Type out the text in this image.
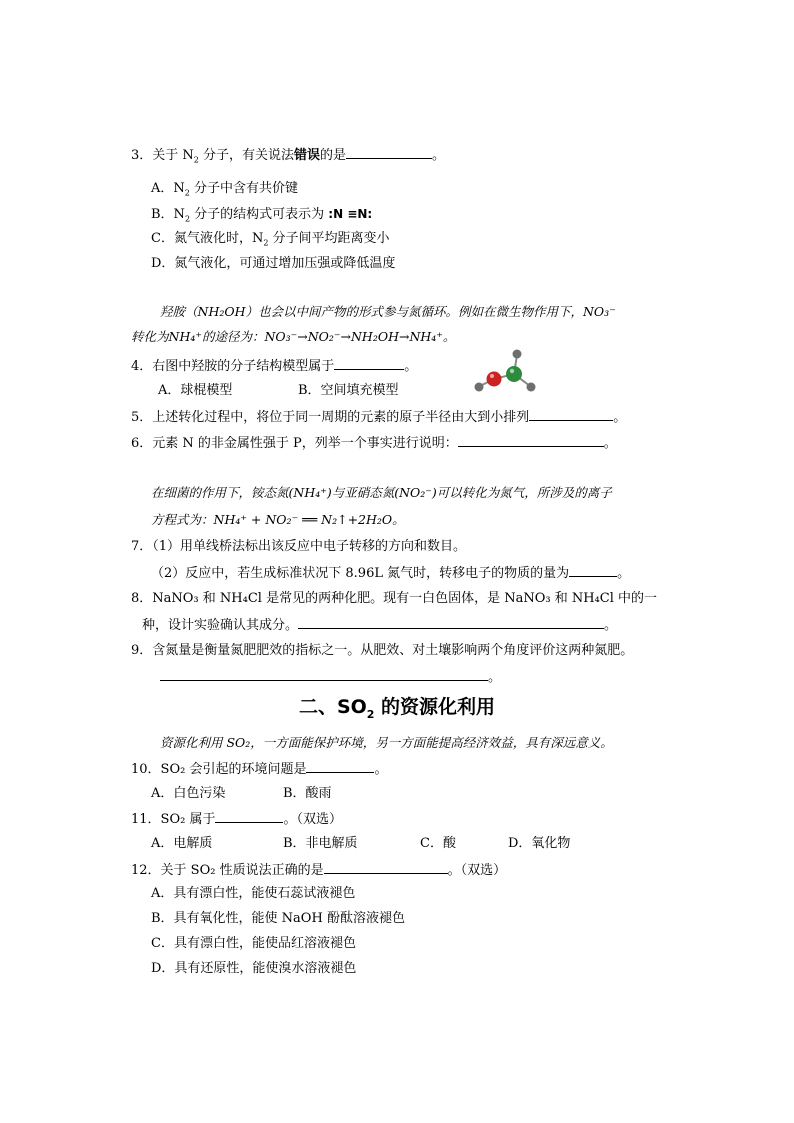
3．关于 $N_2$ 分子，有关说法错误的是	。
A．$N_2$ 分子中含有共价键
B．$N_2$ 分子的结构式可表示为 :N ≡N:
C．氮气液化时，$N_2$ 分子间平均距离变小
D．氮气液化，可通过增加压强或降低温度
羟胺（NH₂OH）也会以中间产物的形式参与氮循环。例如在微生物作用下，NO₃⁻
转化为NH₄⁺的途径为：NO₃⁻→NO₂⁻→NH₂OH→NH₄⁺。
4．右图中羟胺的分子结构模型属于	。
A．球棍模型	B．空间填充模型
5．上述转化过程中，将位于同一周期的元素的原子半径由大到小排列	。
6．元素 N 的非金属性强于 P，列举一个事实进行说明：	。
在细菌的作用下，铵态氮(NH₄⁺)与亚硝态氮(NO₂⁻)可以转化为氮气，所涉及的离子
方程式为：NH₄⁺ + NO₂⁻ ══ N₂↑+2H₂O。
7．（1）用单线桥法标出该反应中电子转移的方向和数目。
（2）反应中，若生成标准状况下 8.96L 氮气时，转移电子的物质的量为	。
8．NaNO₃ 和 NH₄Cl 是常见的两种化肥。现有一白色固体，是 NaNO₃ 和 NH₄Cl 中的一
种，设计实验确认其成分。	。
9．含氮量是衡量氮肥肥效的指标之一。从肥效、对土壤影响两个角度评价这两种氮肥。
。
二、$SO_2$ 的资源化利用
资源化利用 SO₂，一方面能保护环境，另一方面能提高经济效益，具有深远意义。
10．SO₂ 会引起的环境问题是	。
A．白色污染	B．酸雨
11．SO₂ 属于	。（双选）
A．电解质	B．非电解质	C．酸	D．氧化物
12．关于 SO₂ 性质说法正确的是	。（双选）
A．具有漂白性，能使石蕊试液褪色
B．具有氧化性，能使 NaOH 酚酞溶液褪色
C．具有漂白性，能使品红溶液褪色
D．具有还原性，能使溴水溶液褪色
